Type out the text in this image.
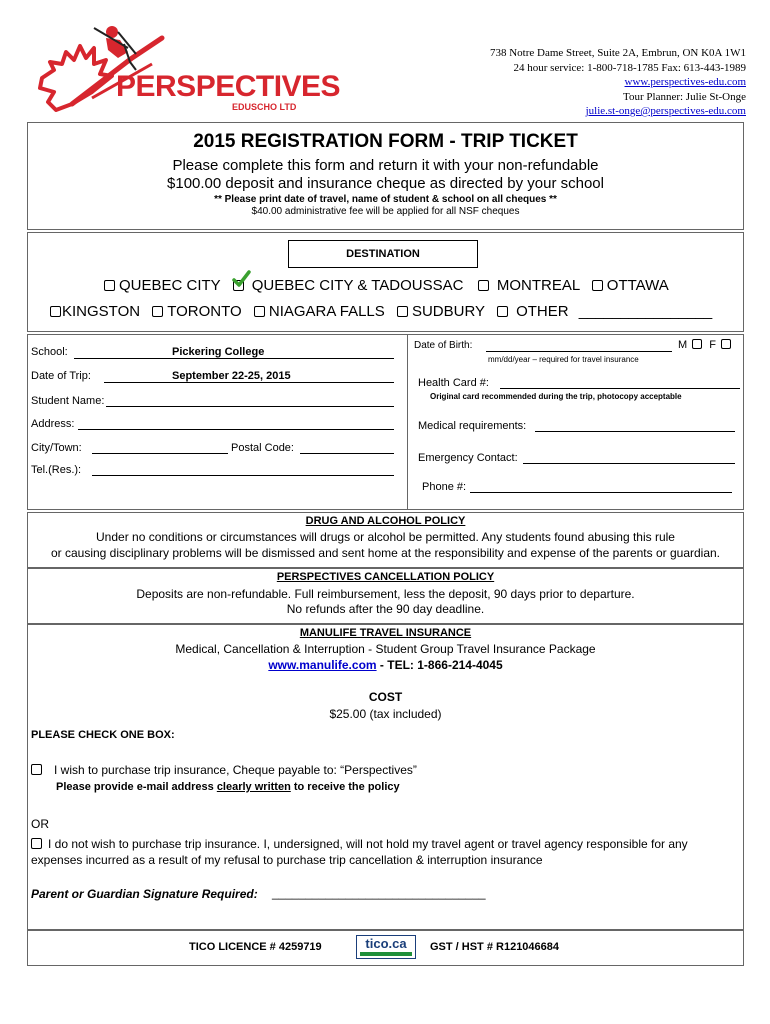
PERSPECTIVES
EDUSCHO LTD
738 Notre Dame Street, Suite 2A, Embrun, ON K0A 1W1
24 hour service: 1-800-718-1785 Fax: 613-443-1989
www.perspectives-edu.com
Tour Planner: Julie St-Onge
julie.st-onge@perspectives-edu.com
2015 REGISTRATION FORM - TRIP TICKET
Please complete this form and return it with your non-refundable
$100.00 deposit and insurance cheque as directed by your school
** Please print date of travel, name of student & school on all cheques **
$40.00 administrative fee will be applied for all NSF cheques
DESTINATION
QUEBEC CITY QUEBEC CITY & TADOUSSAC MONTREAL OTTAWA
KINGSTON TORONTO NIAGARA FALLS SUDBURY OTHER ________________
School:	Pickering College
Date of Trip:	September 22-25, 2015
Student Name:
Address:
City/Town:	Postal Code:
Tel.(Res.):
Date of Birth:	M F
mm/dd/year – required for travel insurance
Health Card #:
Original card recommended during the trip, photocopy acceptable
Medical requirements:
Emergency Contact:
Phone #:
DRUG AND ALCOHOL POLICY
Under no conditions or circumstances will drugs or alcohol be permitted. Any students found abusing this rule
or causing disciplinary problems will be dismissed and sent home at the responsibility and expense of the parents or guardian.
PERSPECTIVES CANCELLATION POLICY
Deposits are non-refundable. Full reimbursement, less the deposit, 90 days prior to departure.
No refunds after the 90 day deadline.
MANULIFE TRAVEL INSURANCE
Medical, Cancellation & Interruption - Student Group Travel Insurance Package
www.manulife.com - TEL: 1-866-214-4045
COST
$25.00 (tax included)
PLEASE CHECK ONE BOX:
I wish to purchase trip insurance, Cheque payable to: “Perspectives”
Please provide e-mail address clearly written to receive the policy
OR
I do not wish to purchase trip insurance. I, undersigned, will not hold my travel agent or travel agency responsible for any
expenses incurred as a result of my refusal to purchase trip cancellation & interruption insurance
Parent or Guardian Signature Required: ________________________________
TICO LICENCE # 4259719	tico.ca	GST / HST # R121046684
